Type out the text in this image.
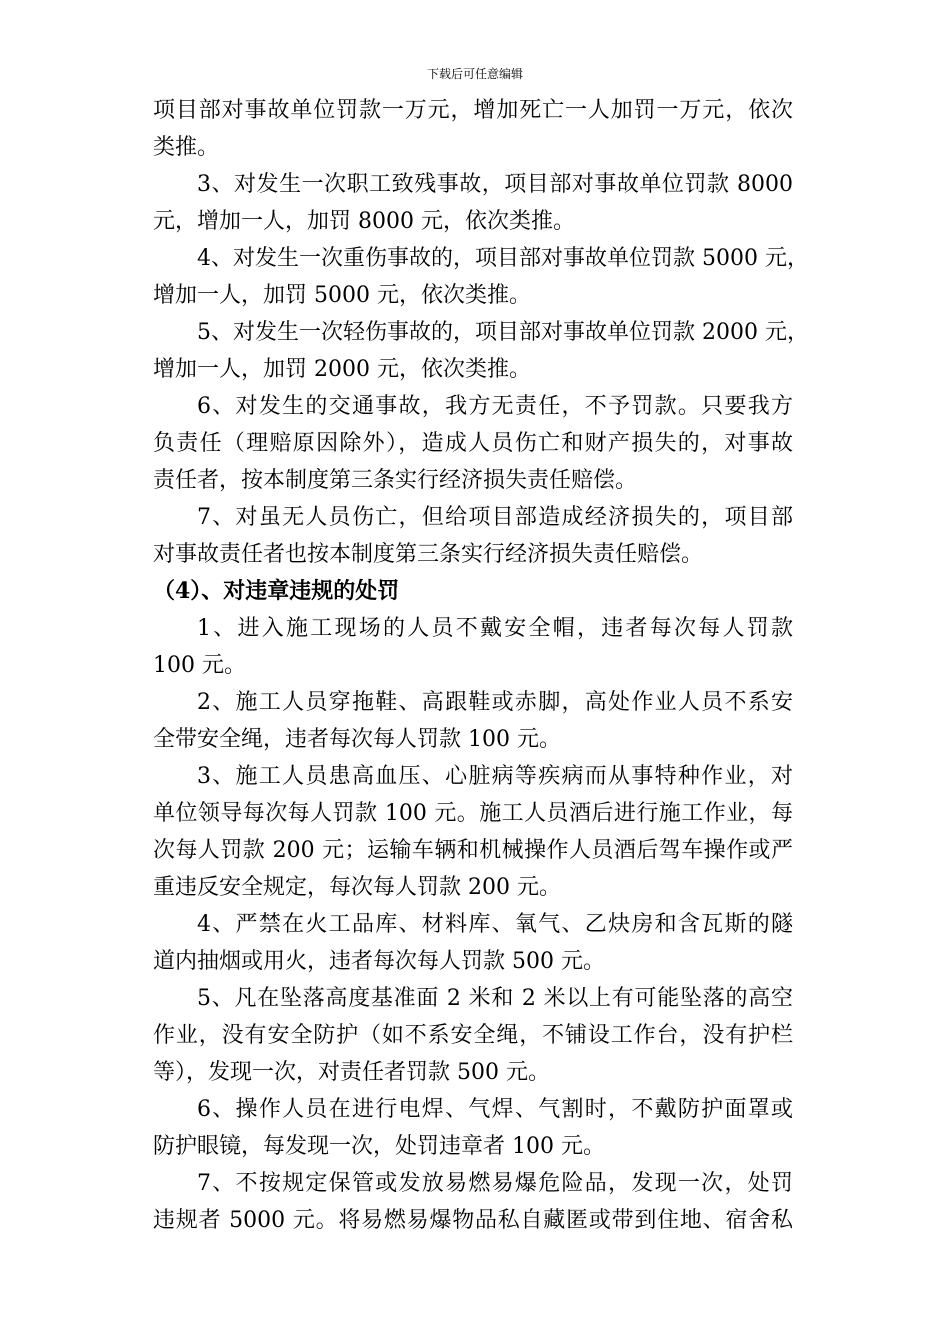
下载后可任意编辑
项目部对事故单位罚款一万元，增加死亡一人加罚一万元，依次
类推。
3、对发生一次职工致残事故，项目部对事故单位罚款 8000
元，增加一人，加罚 8000 元，依次类推。
4、对发生一次重伤事故的，项目部对事故单位罚款 5000 元，
增加一人，加罚 5000 元，依次类推。
5、对发生一次轻伤事故的，项目部对事故单位罚款 2000 元，
增加一人，加罚 2000 元，依次类推。
6、对发生的交通事故，我方无责任，不予罚款。只要我方
负责任（理赔原因除外），造成人员伤亡和财产损失的，对事故
责任者，按本制度第三条实行经济损失责任赔偿。
7、对虽无人员伤亡，但给项目部造成经济损失的，项目部
对事故责任者也按本制度第三条实行经济损失责任赔偿。
（4）、对违章违规的处罚
1、进入施工现场的人员不戴安全帽，违者每次每人罚款
100 元。
2、施工人员穿拖鞋、高跟鞋或赤脚，高处作业人员不系安
全带安全绳，违者每次每人罚款 100 元。
3、施工人员患高血压、心脏病等疾病而从事特种作业，对
单位领导每次每人罚款 100 元。施工人员酒后进行施工作业，每
次每人罚款 200 元；运输车辆和机械操作人员酒后驾车操作或严
重违反安全规定，每次每人罚款 200 元。
4、严禁在火工品库、材料库、氧气、乙炔房和含瓦斯的隧
道内抽烟或用火，违者每次每人罚款 500 元。
5、凡在坠落高度基准面 2 米和 2 米以上有可能坠落的高空
作业，没有安全防护（如不系安全绳，不铺设工作台，没有护栏
等），发现一次，对责任者罚款 500 元。
6、操作人员在进行电焊、气焊、气割时，不戴防护面罩或
防护眼镜，每发现一次，处罚违章者 100 元。
7、不按规定保管或发放易燃易爆危险品，发现一次，处罚
违规者 5000 元。将易燃易爆物品私自藏匿或带到住地、宿舍私
